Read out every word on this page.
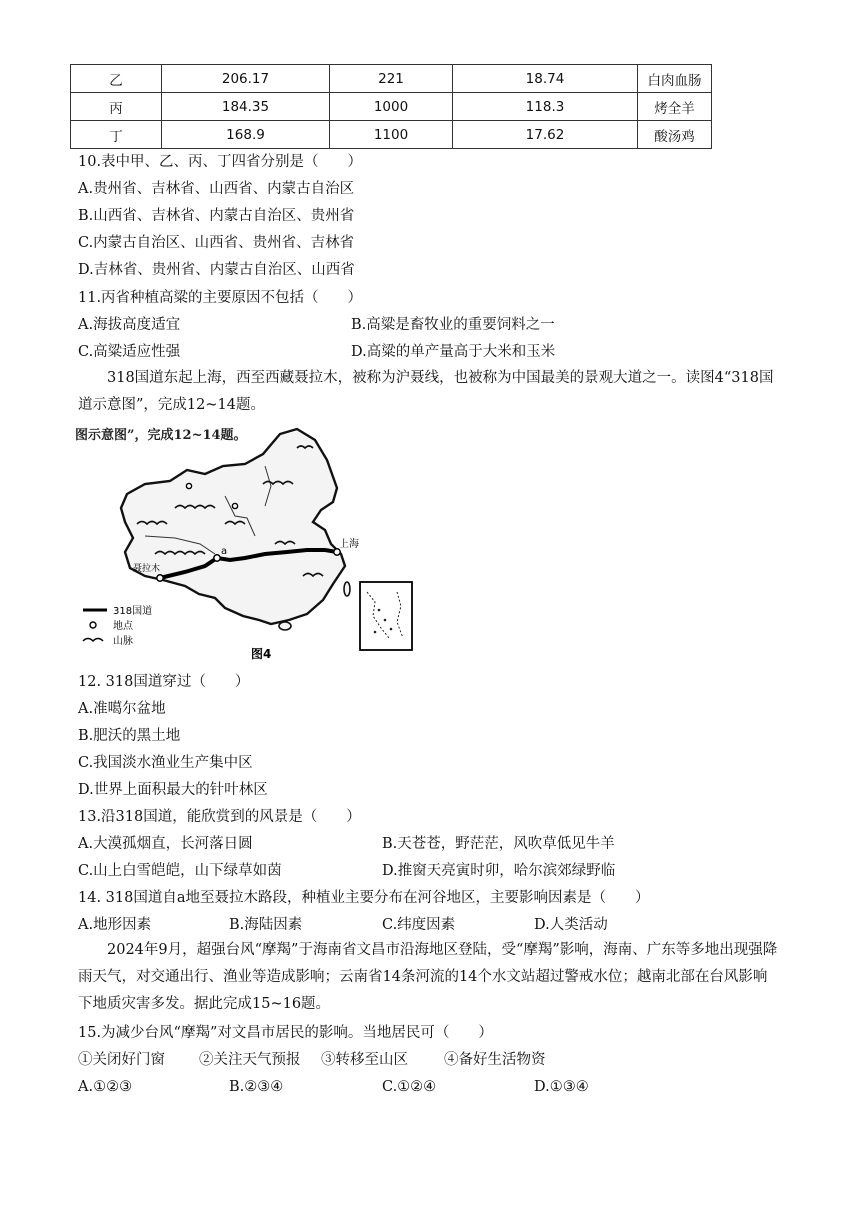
乙	206.17	221	18.74	白肉血肠
丙	184.35	1000	118.3	烤全羊
丁	168.9	1100	17.62	酸汤鸡
10.表中甲、乙、丙、丁四省分别是（　　）
A.贵州省、吉林省、山西省、内蒙古自治区
B.山西省、吉林省、内蒙古自治区、贵州省
C.内蒙古自治区、山西省、贵州省、吉林省
D.吉林省、贵州省、内蒙古自治区、山西省
11.丙省种植高粱的主要原因不包括（　　）
A.海拔高度适宜	B.高粱是畜牧业的重要饲料之一
C.高粱适应性强	D.高粱的单产量高于大米和玉米
318国道东起上海，西至西藏聂拉木，被称为沪聂线，也被称为中国最美的景观大道之一。读图4“318国道示意图”，完成12~14题。
图示意图”，完成12~14题。
上海
a
聂拉木
318国道
地点
山脉
图4
12. 318国道穿过（　　）
A.准噶尔盆地
B.肥沃的黑土地
C.我国淡水渔业生产集中区
D.世界上面积最大的针叶林区
13.沿318国道，能欣赏到的风景是（　　）
A.大漠孤烟直，长河落日圆	B.天苍苍，野茫茫，风吹草低见牛羊
C.山上白雪皑皑，山下绿草如茵	D.推窗天亮寅时卯，哈尔滨郊绿野临
14. 318国道自a地至聂拉木路段，种植业主要分布在河谷地区，主要影响因素是（　　）
A.地形因素	B.海陆因素	C.纬度因素	D.人类活动
2024年9月，超强台风“摩羯”于海南省文昌市沿海地区登陆，受“摩羯”影响，海南、广东等多地出现强降雨天气，对交通出行、渔业等造成影响；云南省14条河流的14个水文站超过警戒水位；越南北部在台风影响下地质灾害多发。据此完成15~16题。
15.为减少台风“摩羯”对文昌市居民的影响。当地居民可（　　）
①关闭好门窗 ②关注天气预报 ③转移至山区 ④备好生活物资
A.①②③	B.②③④	C.①②④	D.①③④
